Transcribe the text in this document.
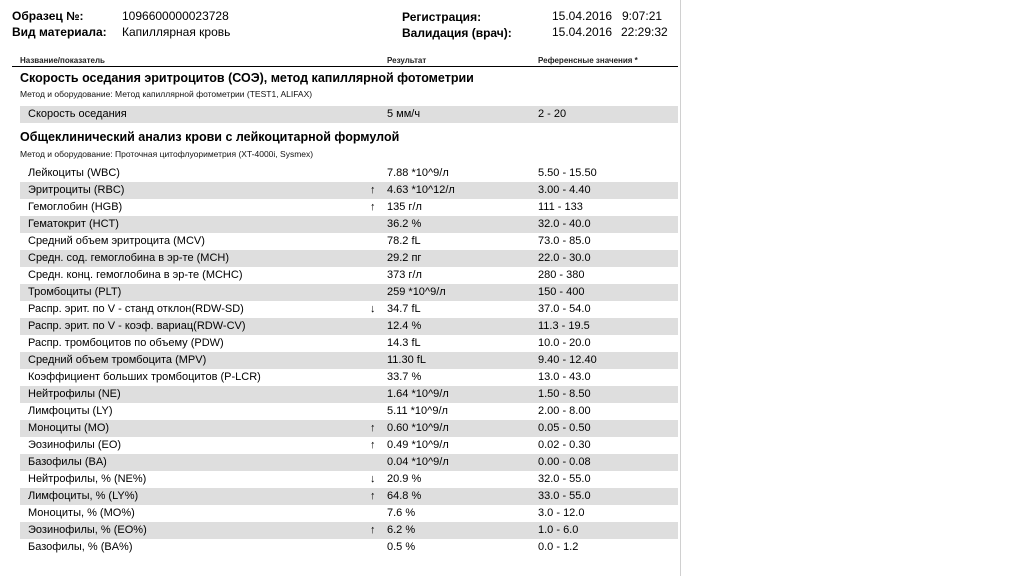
Образец №:	1096600000023728
Вид материала: Капиллярная кровь
Регистрация:	15.04.2016 9:07:21
Валидация (врач):	15.04.2016 22:29:32
Название/показатель	Результат	Референсные значения *
Скорость оседания эритроцитов (СОЭ), метод капиллярной фотометрии
Метод и оборудование: Метод капиллярной фотометрии (TEST1, ALIFAX)
Скорость оседания	5 мм/ч	2 - 20
Общеклинический анализ крови с лейкоцитарной формулой
Метод и оборудование: Проточная цитофлуориметрия (XT-4000i, Sysmex)
Лейкоциты (WBC)	7.88 *10^9/л	5.50 - 15.50
Эритроциты (RBC)	↑ 4.63 *10^12/л	3.00 - 4.40
Гемоглобин (HGB)	↑ 135 г/л	111 - 133
Гематокрит (HCT)	36.2 %	32.0 - 40.0
Средний объем эритроцита (MCV)	78.2 fL	73.0 - 85.0
Средн. сод. гемоглобина в эр-те (MCH)	29.2 пг	22.0 - 30.0
Средн. конц. гемоглобина в эр-те (MCHC)	373 г/л	280 - 380
Тромбоциты (PLT)	259 *10^9/л	150 - 400
Распр. эрит. по V - станд отклон(RDW-SD)	↓ 34.7 fL	37.0 - 54.0
Распр. эрит. по V - коэф. вариац(RDW-CV)	12.4 %	11.3 - 19.5
Распр. тромбоцитов по объему (PDW)	14.3 fL	10.0 - 20.0
Средний объем тромбоцита (MPV)	11.30 fL	9.40 - 12.40
Коэффициент больших тромбоцитов (P-LCR)	33.7 %	13.0 - 43.0
Нейтрофилы (NE)	1.64 *10^9/л	1.50 - 8.50
Лимфоциты (LY)	5.11 *10^9/л	2.00 - 8.00
Моноциты (MO)	↑ 0.60 *10^9/л	0.05 - 0.50
Эозинофилы (EO)	↑ 0.49 *10^9/л	0.02 - 0.30
Базофилы (BA)	0.04 *10^9/л	0.00 - 0.08
Нейтрофилы, % (NE%)	↓ 20.9 %	32.0 - 55.0
Лимфоциты, % (LY%)	↑ 64.8 %	33.0 - 55.0
Моноциты, % (MO%)	7.6 %	3.0 - 12.0
Эозинофилы, % (EO%)	↑ 6.2 %	1.0 - 6.0
Базофилы, % (BA%)	0.5 %	0.0 - 1.2
